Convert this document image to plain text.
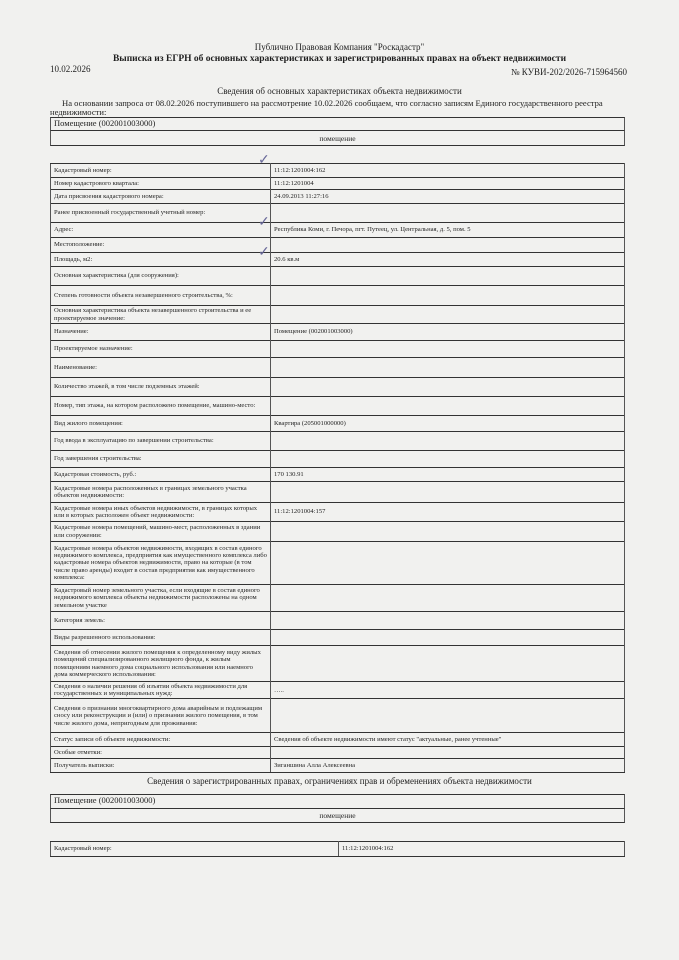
Публично Правовая Компания "Роскадастр"
Выписка из ЕГРН об основных характеристиках и зарегистрированных правах на объект недвижимости
10.02.2026	№ КУВИ-202/2026-715964560
Сведения об основных характеристиках объекта недвижимости
На основании запроса от 08.02.2026 поступившего на рассмотрение 10.02.2026 сообщаем, что согласно записям Единого государственного реестра недвижимости:
Помещение (002001003000)
помещение
Кадастровый номер:	11:12:1201004:162
Номер кадастрового квартала:	11:12:1201004
Дата присвоения кадастрового номера:	24.09.2013 11:27:16
Ранее присвоенный государственный учетный номер:	
Адрес:	Республика Коми, г. Печора, пгт. Путеец, ул. Центральная, д. 5, пом. 5
Местоположение:	
Площадь, м2:	20.6 кв.м
Основная характеристика (для сооружения):	
Степень готовности объекта незавершенного строительства, %:	
Основная характеристика объекта незавершенного строительства и ее проектируемое значение:	
Назначение:	Помещение (002001003000)
Проектируемое назначение:	
Наименование:	
Количество этажей, в том числе подземных этажей:	
Номер, тип этажа, на котором расположено помещение, машино-место:	
Вид жилого помещения:	Квартира (205001000000)
Год ввода в эксплуатацию по завершении строительства:	
Год завершения строительства:	
Кадастровая стоимость, руб.:	170 130.91
Кадастровые номера расположенных в границах земельного участка объектов недвижимости:	
Кадастровые номера иных объектов недвижимости, в границах которых или в которых расположен объект недвижимости:	11:12:1201004:157
Кадастровые номера помещений, машино-мест, расположенных в здании или сооружении:	
Кадастровые номера объектов недвижимости, входящих в состав единого недвижимого комплекса, предприятия как имущественного комплекса либо кадастровые номера объектов недвижимости, право на которые (в том числе право аренды) входит в состав предприятия как имущественного комплекса:	
Кадастровый номер земельного участка, если входящие в состав единого недвижимого комплекса объекты недвижимости расположены на одном земельном участке	
Категория земель:	
Виды разрешенного использования:	
Сведения об отнесении жилого помещения к определенному виду жилых помещений специализированного жилищного фонда, к жилым помещениям наемного дома социального использования или наемного дома коммерческого использования:	
Сведения о наличии решения об изъятии объекта недвижимости для государственных и муниципальных нужд:	…..
Сведения о признании многоквартирного дома аварийным и подлежащим сносу или реконструкции и (или) о признании жилого помещения, в том числе жилого дома, непригодным для проживания:	
Статус записи об объекте недвижимости:	Сведения об объекте недвижимости имеют статус "актуальные, ранее учтенные"
Особые отметки:	
Получатель выписки:	Зиганшина Алла Алексеевна
✓
✓
✓
Сведения о зарегистрированных правах, ограничениях прав и обременениях объекта недвижимости
Помещение (002001003000)
помещение
Кадастровый номер:	11:12:1201004:162
